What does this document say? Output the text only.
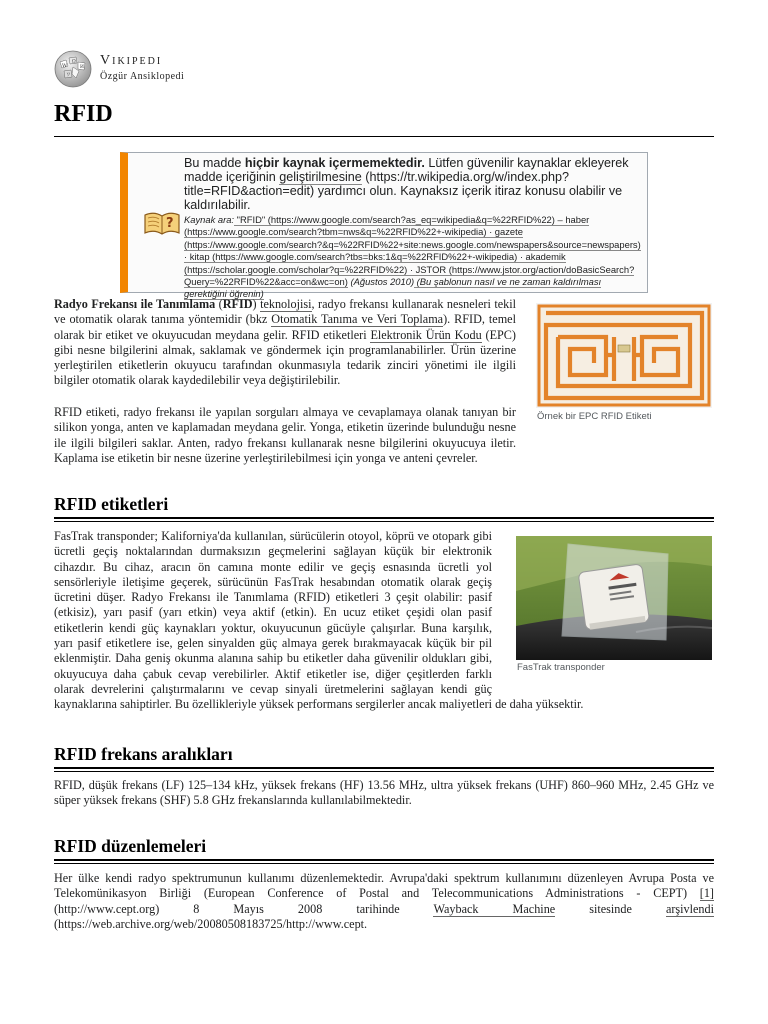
W
Ω
И
ワ
Vikipedi
Özgür Ansiklopedi
RFID
?
Bu madde hiçbir kaynak içermemektedir. Lütfen güvenilir kaynaklar ekleyerek madde içeriğinin geliştirilmesine (https://tr.wikipedia.org/w/index.php?title=RFID&action=edit) yardımcı olun. Kaynaksız içerik itiraz konusu olabilir ve kaldırılabilir.
Kaynak ara: "RFID" (https://www.google.com/search?as_eq=wikipedia&q=%22RFID%22) – haber (https://www.google.com/search?tbm=nws&q=%22RFID%22+-wikipedia) · gazete (https://www.google.com/search?&q=%22RFID%22+site:news.google.com/newspapers&source=newspapers) · kitap (https://www.google.com/search?tbs=bks:1&q=%22RFID%22+-wikipedia) · akademik (https://scholar.google.com/scholar?q=%22RFID%22) · JSTOR (https://www.jstor.org/action/doBasicSearch?Query=%22RFID%22&acc=on&wc=on) (Ağustos 2010) (Bu şablonun nasıl ve ne zaman kaldırılması gerektiğini öğrenin)
Radyo Frekansı ile Tanımlama (RFID) teknolojisi, radyo frekansı kullanarak nesneleri tekil ve otomatik olarak tanıma yöntemidir (bkz Otomatik Tanıma ve Veri Toplama). RFID, temel olarak bir etiket ve okuyucudan meydana gelir. RFID etiketleri Elektronik Ürün Kodu (EPC) gibi nesne bilgilerini almak, saklamak ve göndermek için programlanabilirler. Ürün üzerine yerleştirilen etiketlerin okuyucu tarafından okunmasıyla tedarik zinciri yönetimi ile ilgili bilgiler otomatik olarak kaydedilebilir veya değiştirilebilir.
RFID etiketi, radyo frekansı ile yapılan sorguları almaya ve cevaplamaya olanak tanıyan bir silikon yonga, anten ve kaplamadan meydana gelir. Yonga, etiketin üzerinde bulunduğu nesne ile ilgili bilgileri saklar. Anten, radyo frekansı kullanarak nesne bilgilerini okuyucuya iletir. Kaplama ise etiketin bir nesne üzerine yerleştirilebilmesi için yonga ve anteni çevreler.
Örnek bir EPC RFID Etiketi
RFID etiketleri
FasTrak transponder
FasTrak transponder; Kaliforniya'da kullanılan, sürücülerin otoyol, köprü ve otopark gibi ücretli geçiş noktalarından durmaksızın geçmelerini sağlayan küçük bir elektronik cihazdır. Bu cihaz, aracın ön camına monte edilir ve geçiş esnasında ücretli yol sensörleriyle iletişime geçerek, sürücünün FasTrak hesabından otomatik olarak geçiş ücretini düşer. Radyo Frekansı ile Tanımlama (RFID) etiketleri 3 çeşit olabilir: pasif (etkisiz), yarı pasif (yarı etkin) veya aktif (etkin). En ucuz etiket çeşidi olan pasif etiketlerin kendi güç kaynakları yoktur, okuyucunun gücüyle çalışırlar. Buna karşılık, yarı pasif etiketlere ise, gelen sinyalden güç almaya gerek bırakmayacak küçük bir pil eklenmiştir. Daha geniş okunma alanına sahip bu etiketler daha güvenilir oldukları gibi, okuyucuya daha çabuk cevap verebilirler. Aktif etiketler ise, diğer çeşitlerden farklı olarak devrelerini çalıştırmalarını ve cevap sinyali üretmelerini sağlayan kendi güç kaynaklarına sahiptirler. Bu özellikleriyle yüksek performans sergilerler ancak maliyetleri de daha yüksektir.
RFID frekans aralıkları
RFID, düşük frekans (LF) 125–134 kHz, yüksek frekans (HF) 13.56 MHz, ultra yüksek frekans (UHF) 860–960 MHz, 2.45 GHz ve süper yüksek frekans (SHF) 5.8 GHz frekanslarında kullanılabilmektedir.
RFID düzenlemeleri
Her ülke kendi radyo spektrumunun kullanımı düzenlemektedir. Avrupa'daki spektrum kullanımını düzenleyen Avrupa Posta ve Telekomünikasyon Birliği (European Conference of Postal and Telecommunications Administrations - CEPT) [1] (http://www.cept.org) 8 Mayıs 2008 tarihinde Wayback Machine sitesinde arşivlendi (https://web.archive.org/web/20080508183725/http://www.cept.
